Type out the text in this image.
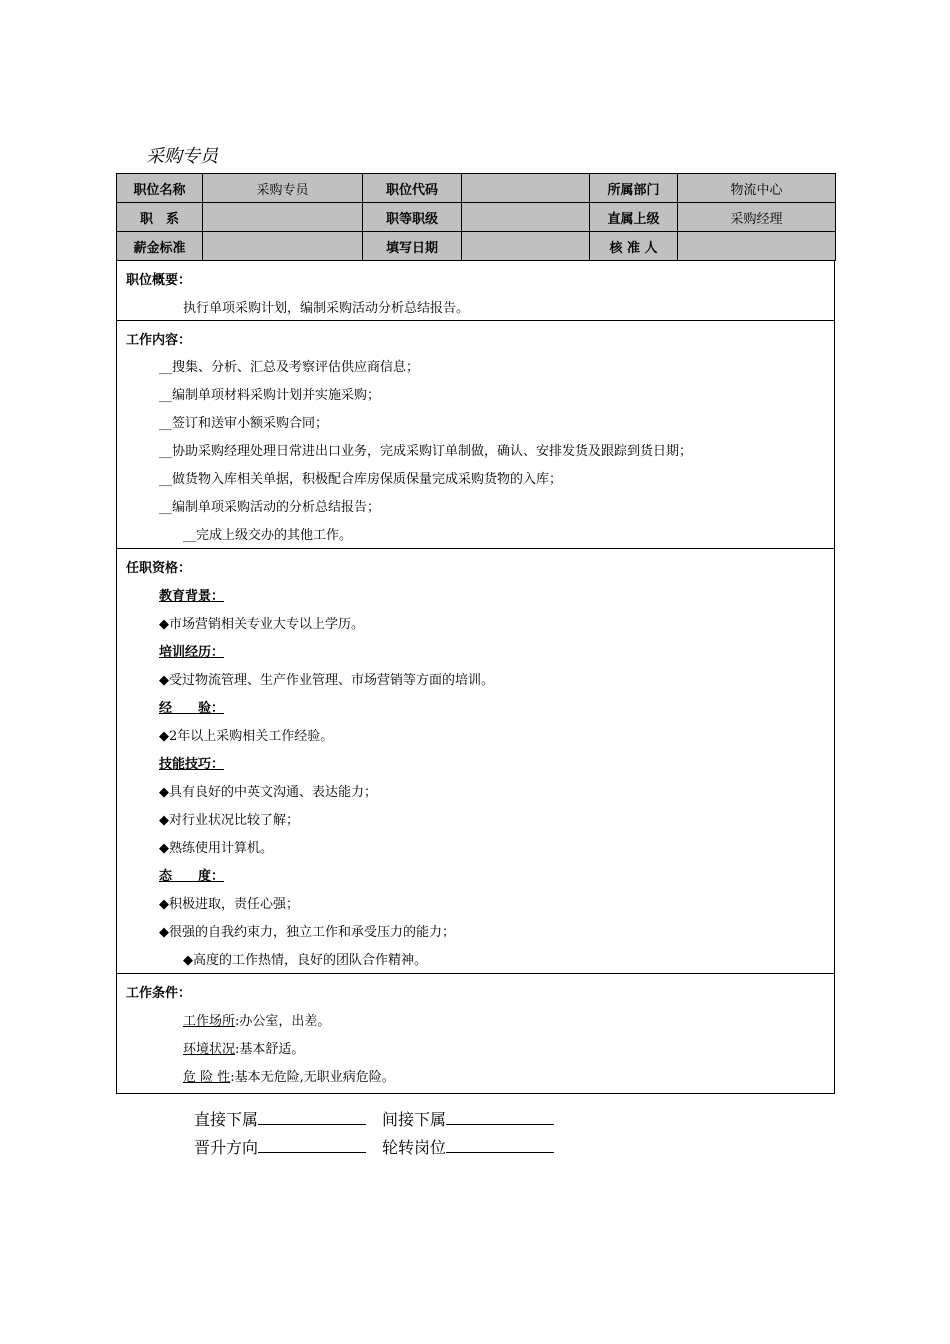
采购专员
职位名称	采购专员	职位代码		所属部门	物流中心
职　系		职等职级		直属上级	采购经理
薪金标准		填写日期		核 准 人	
职位概要：
执行单项采购计划，编制采购活动分析总结报告。
工作内容：
__搜集、分析、汇总及考察评估供应商信息；
__编制单项材料采购计划并实施采购；
__签订和送审小额采购合同；
__协助采购经理处理日常进出口业务，完成采购订单制做，确认、安排发货及跟踪到货日期；
__做货物入库相关单据，积极配合库房保质保量完成采购货物的入库；
__编制单项采购活动的分析总结报告；
__完成上级交办的其他工作。
任职资格：
教育背景：
◆市场营销相关专业大专以上学历。
培训经历：
◆受过物流管理、生产作业管理、市场营销等方面的培训。
经　　验：
◆2年以上采购相关工作经验。
技能技巧：
◆具有良好的中英文沟通、表达能力；
◆对行业状况比较了解；
◆熟练使用计算机。
态　　度：
◆积极进取，责任心强；
◆很强的自我约束力，独立工作和承受压力的能力；
◆高度的工作热情，良好的团队合作精神。
工作条件：
工作场所:办公室，出差。
环境状况:基本舒适。
危 险 性:基本无危险,无职业病危险。
直接下属	间接下属
晋升方向	轮转岗位
